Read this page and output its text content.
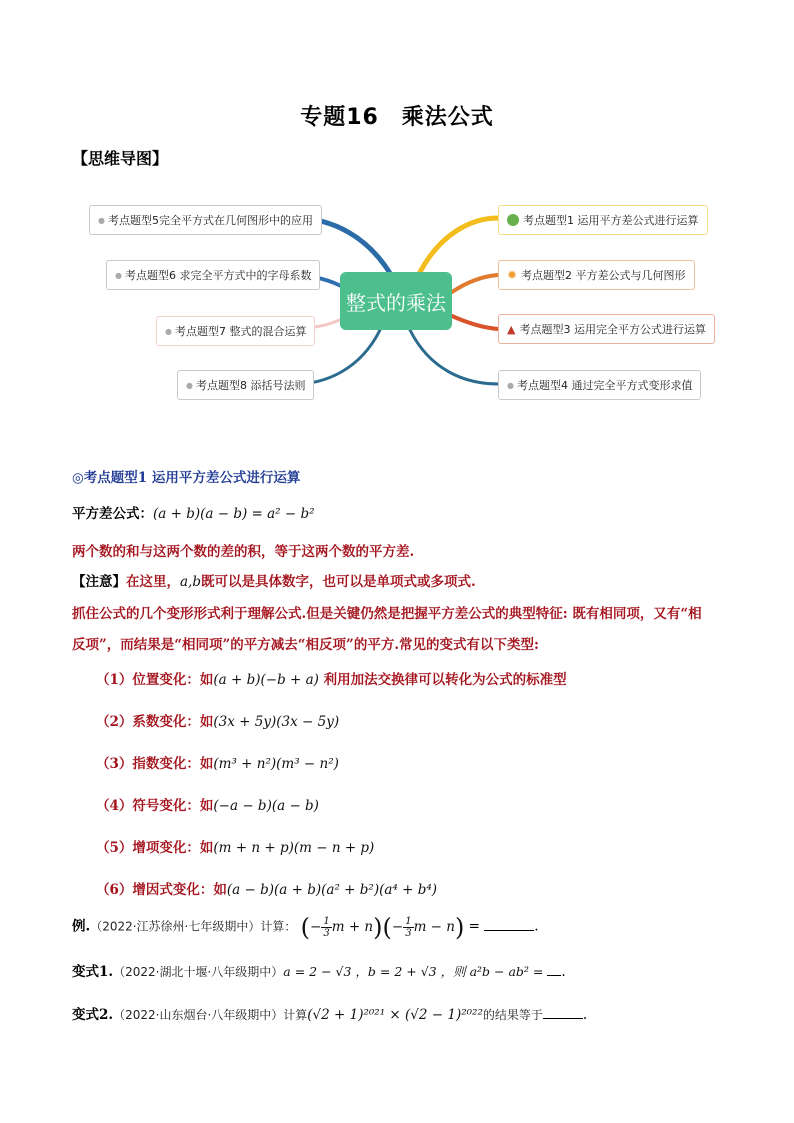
专题16　乘法公式
【思维导图】
整式的乘法
● 考点题型5完全平方式在几何图形中的应用
● 考点题型6 求完全平方式中的字母系数
● 考点题型7 整式的混合运算
● 考点题型8 添括号法则
考点题型1 运用平方差公式进行运算
✹ 考点题型2 平方差公式与几何图形
▲ 考点题型3 运用完全平方公式进行运算
● 考点题型4 通过完全平方式变形求值
◎考点题型1 运用平方差公式进行运算
平方差公式：(a + b)(a − b) = a² − b²
两个数的和与这两个数的差的积，等于这两个数的平方差.
【注意】在这里，a,b既可以是具体数字，也可以是单项式或多项式.
抓住公式的几个变形形式利于理解公式.但是关键仍然是把握平方差公式的典型特征: 既有相同项，又有“相
反项”，而结果是“相同项”的平方减去“相反项”的平方.常见的变式有以下类型:
（1）位置变化：如(a + b)(−b + a) 利用加法交换律可以转化为公式的标准型
（2）系数变化：如(3x + 5y)(3x − 5y)
（3）指数变化：如(m³ + n²)(m³ − n²)
（4）符号变化：如(−a − b)(a − b)
（5）增项变化：如(m + n + p)(m − n + p)
（6）增因式变化：如(a − b)(a + b)(a² + b²)(a⁴ + b⁴)
例.（2022·江苏徐州·七年级期中）计算： (− $\frac{1}{3}$ $m + n)(- \frac{1}{3}$ m − n) =	.
变式1.（2022·湖北十堰·八年级期中）a = 2 − √3 ，b = 2 + √3 ，则 a²b − ab² = .
变式2.（2022·山东烟台·八年级期中）计算(√2 + 1)²⁰²¹ × (√2 − 1)²⁰²²的结果等于	.
